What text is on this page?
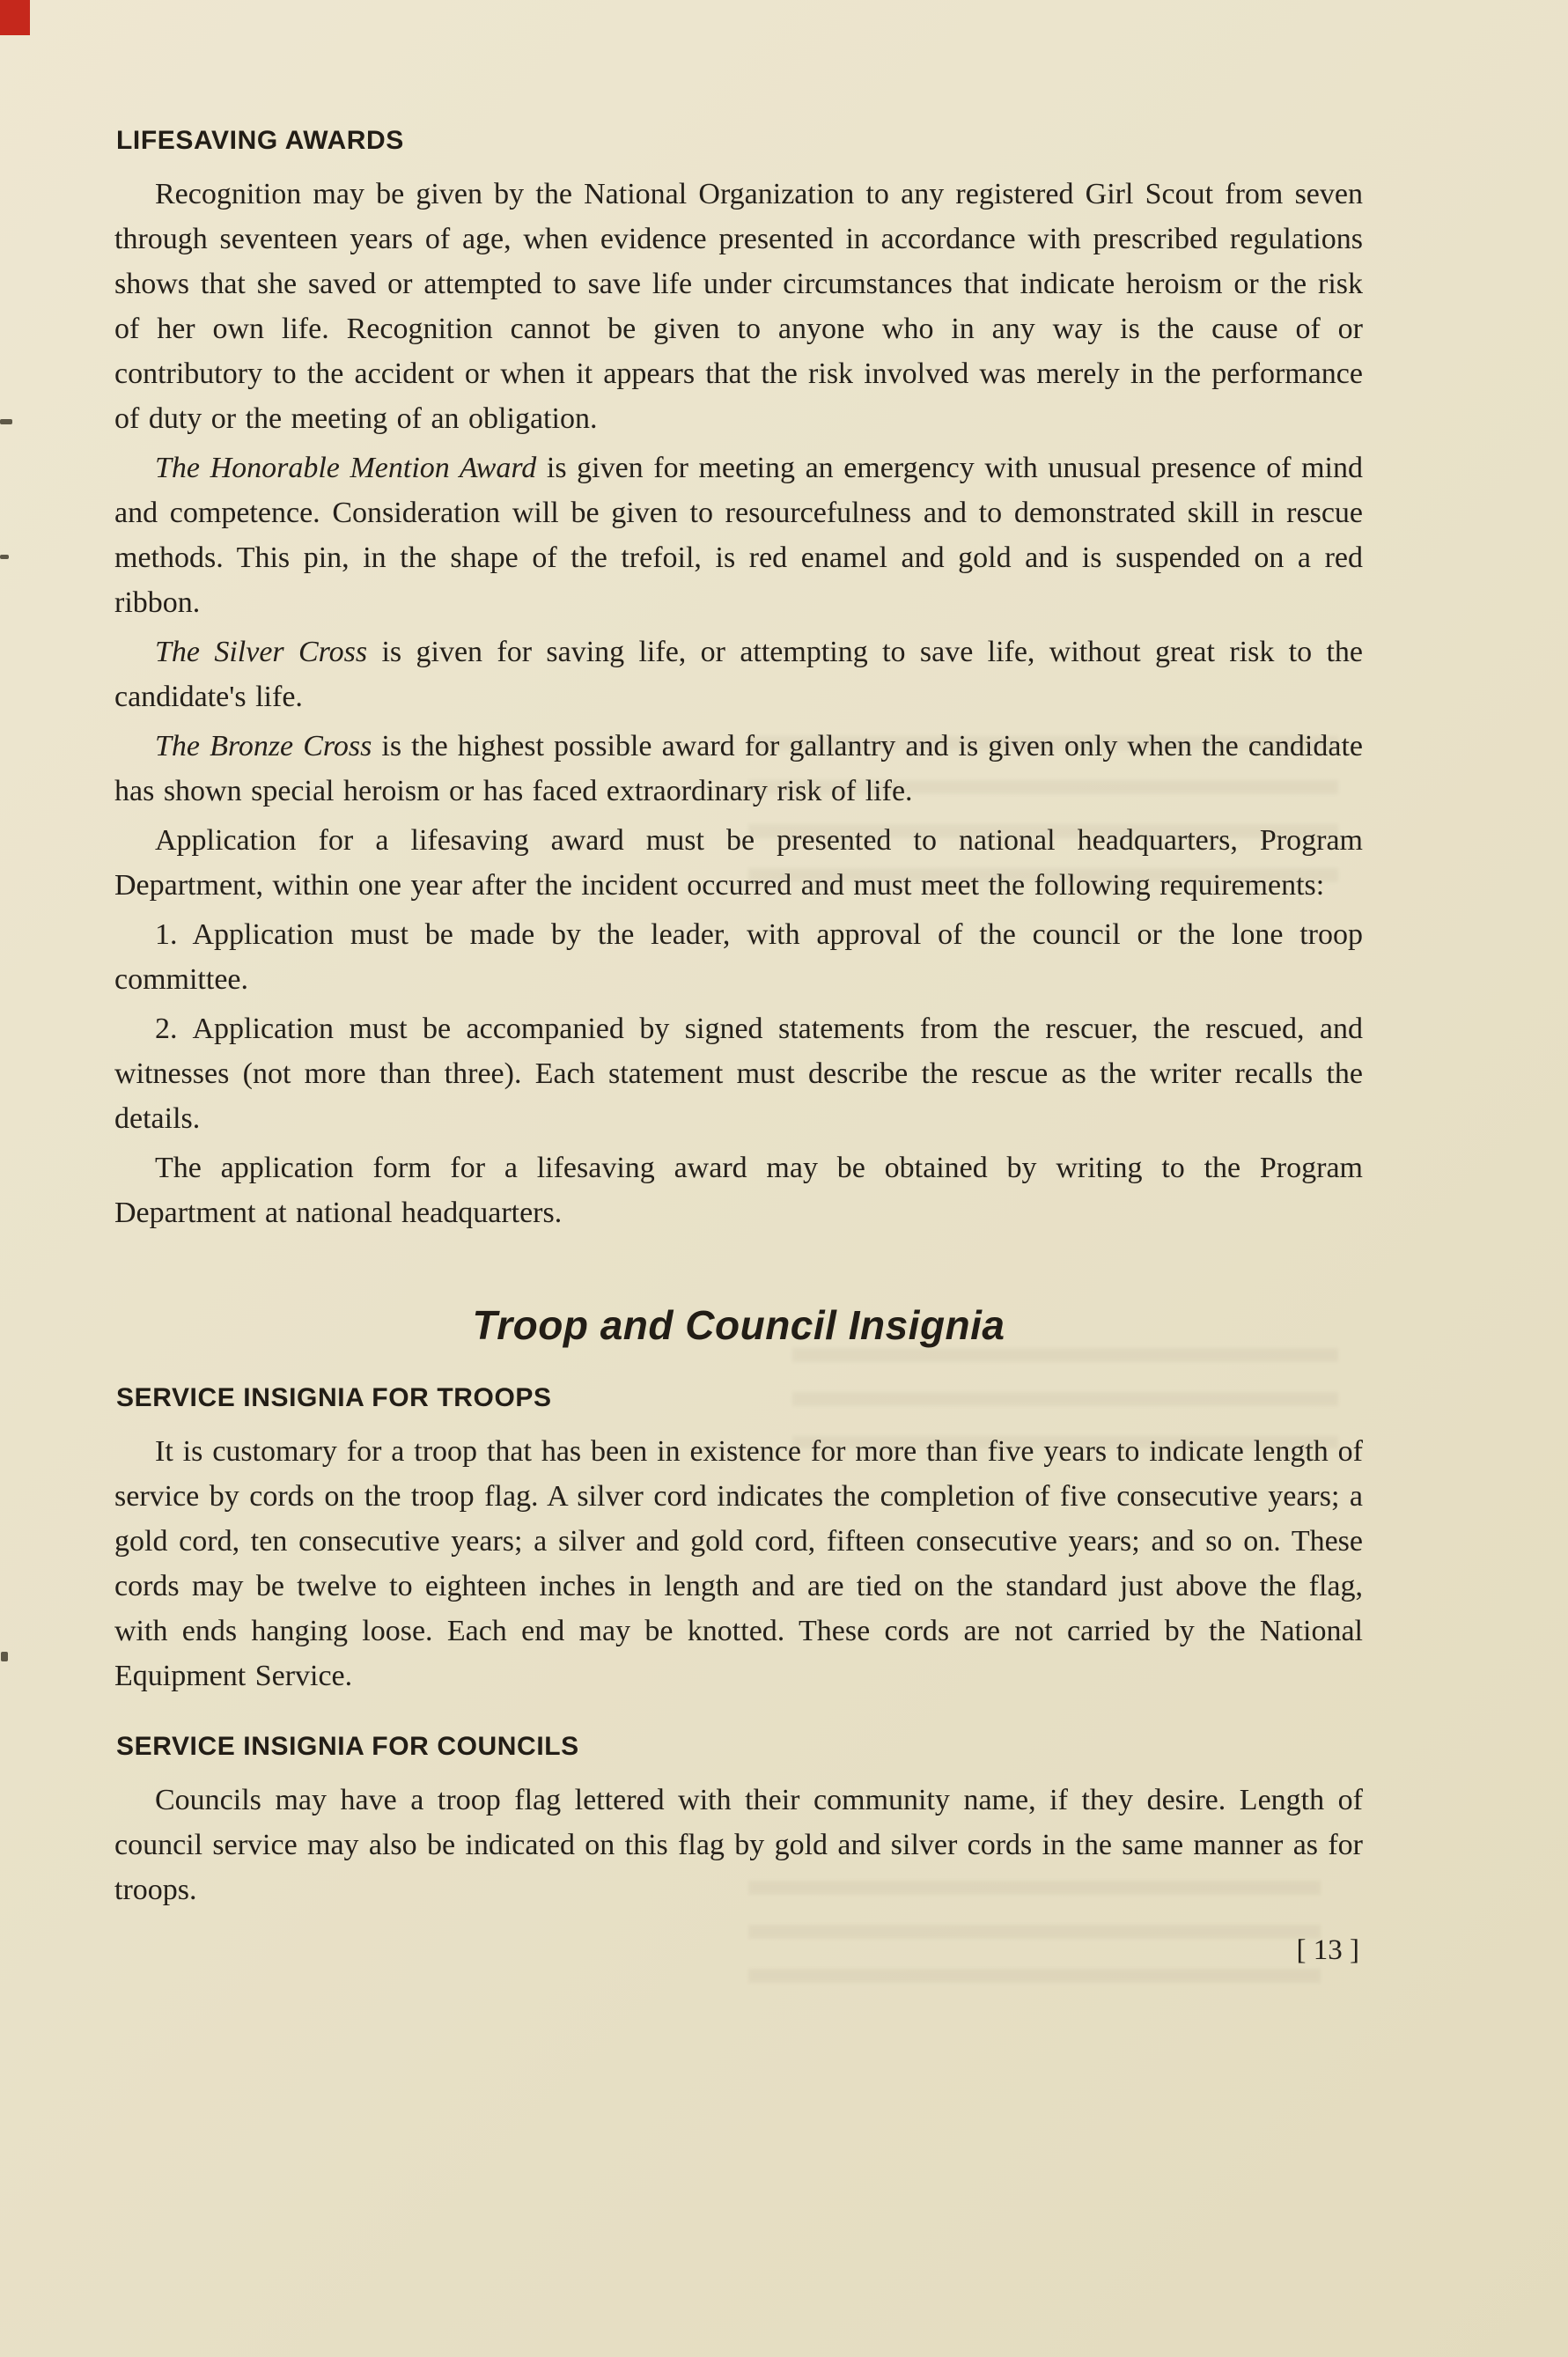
LIFESAVING AWARDS

Recognition may be given by the National Organization to any registered Girl Scout from seven through seventeen years of age, when evidence presented in accordance with prescribed regulations shows that she saved or attempted to save life under circumstances that indicate heroism or the risk of her own life. Recognition cannot be given to anyone who in any way is the cause of or contributory to the accident or when it appears that the risk involved was merely in the performance of duty or the meeting of an obligation.

The Honorable Mention Award is given for meeting an emergency with unusual presence of mind and competence. Consideration will be given to resourcefulness and to demonstrated skill in rescue methods. This pin, in the shape of the trefoil, is red enamel and gold and is suspended on a red ribbon.

The Silver Cross is given for saving life, or attempting to save life, without great risk to the candidate's life.

The Bronze Cross is the highest possible award for gallantry and is given only when the candidate has shown special heroism or has faced extraordinary risk of life.

Application for a lifesaving award must be presented to national headquarters, Program Department, within one year after the incident occurred and must meet the following requirements:

1. Application must be made by the leader, with approval of the council or the lone troop committee.

2. Application must be accompanied by signed statements from the rescuer, the rescued, and witnesses (not more than three). Each statement must describe the rescue as the writer recalls the details.

The application form for a lifesaving award may be obtained by writing to the Program Department at national headquarters.

Troop and Council Insignia
SERVICE INSIGNIA FOR TROOPS

It is customary for a troop that has been in existence for more than five years to indicate length of service by cords on the troop flag. A silver cord indicates the completion of five consecutive years; a gold cord, ten consecutive years; a silver and gold cord, fifteen consecutive years; and so on. These cords may be twelve to eighteen inches in length and are tied on the standard just above the flag, with ends hanging loose. Each end may be knotted. These cords are not carried by the National Equipment Service.

SERVICE INSIGNIA FOR COUNCILS

Councils may have a troop flag lettered with their community name, if they desire. Length of council service may also be indicated on this flag by gold and silver cords in the same manner as for troops.

[ 13 ]
